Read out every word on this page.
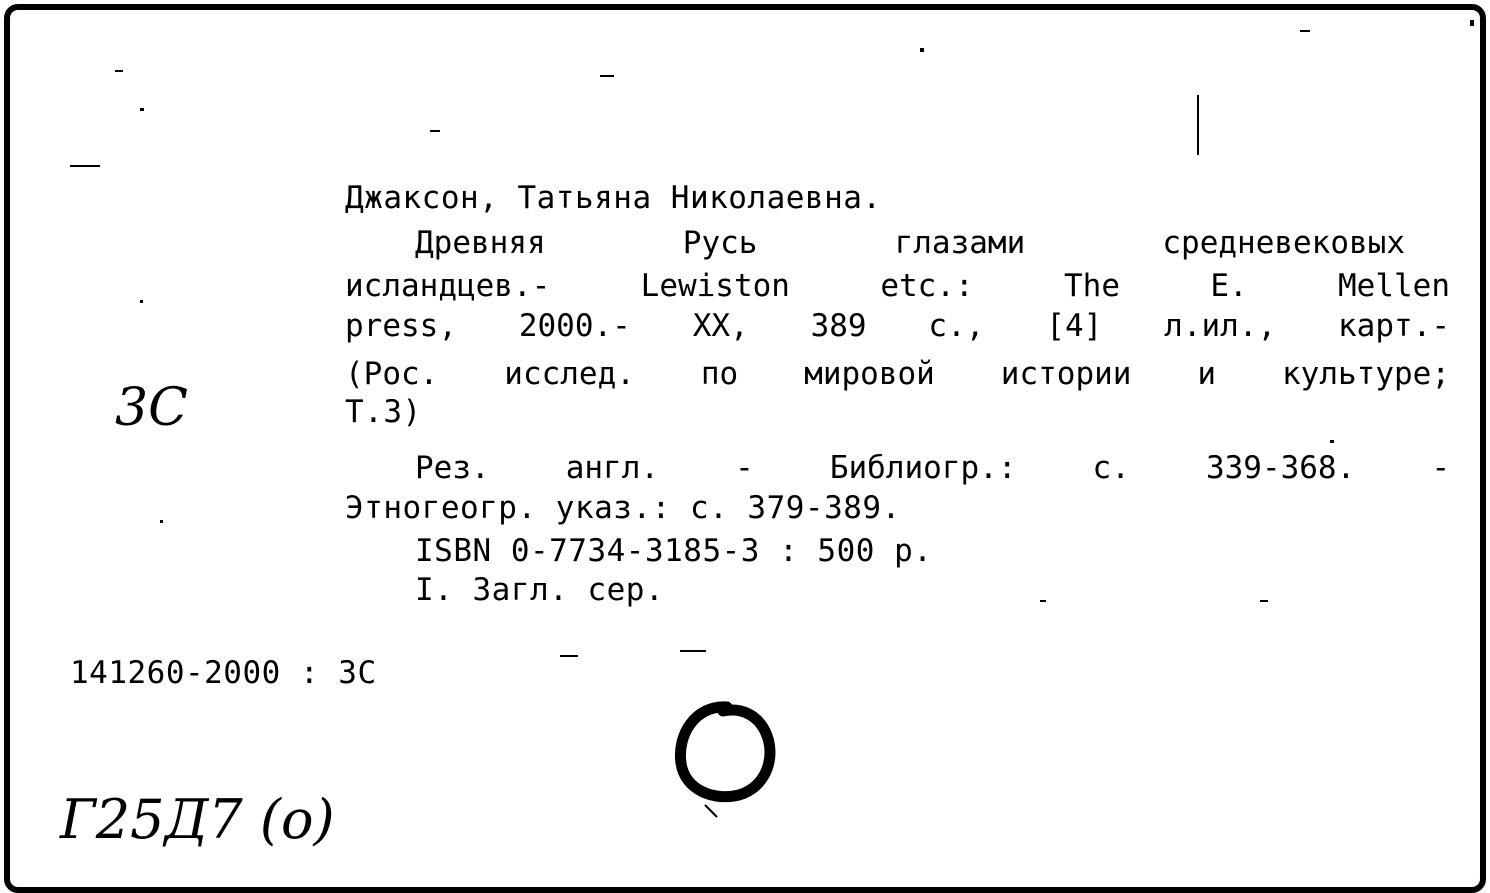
Джаксон, Татьяна Николаевна.
Древняя Русь глазами средневековых
исландцев.- Lewiston etc.: The E. Mellen
press, 2000.- XX, 389 с., [4] л.ил., карт.-
(Рос. исслед. по мировой истории и культуре;
Т.3)
Рез. англ. - Библиогр.: с. 339-368. -
Этногеогр. указ.: с. 379-389.
ISBN 0-7734-3185-3 : 500 р.
I. Загл. сер.
141260-2000 : 3С
3С
Г25Д7 (о)
